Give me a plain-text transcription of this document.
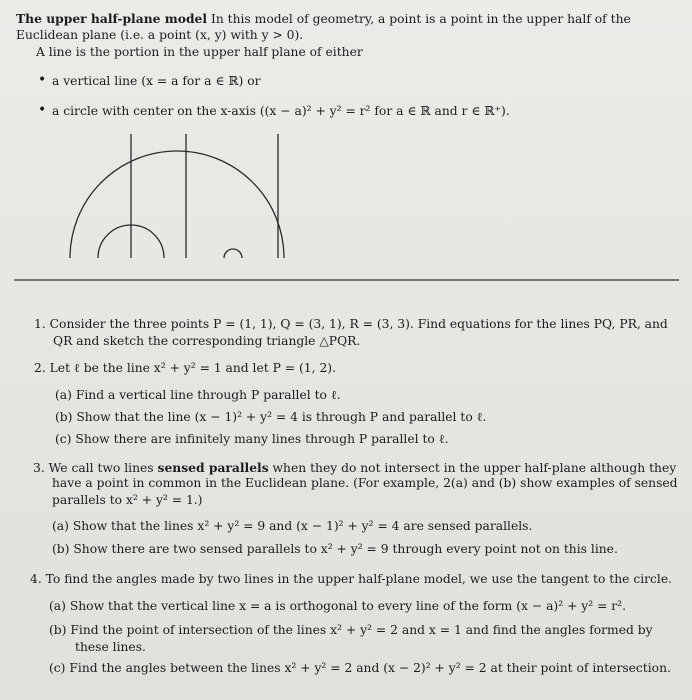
The upper half-plane model In this model of geometry, a point is a point in the upper half of the
Euclidean plane (i.e. a point (x, y) with y > 0).
A line is the portion in the upper half plane of either
• a vertical line (x = a for a ∈ ℝ) or
• a circle with center on the x-axis ((x − a)² + y² = r² for a ∈ ℝ and r ∈ ℝ⁺).
1. Consider the three points P = (1, 1), Q = (3, 1), R = (3, 3). Find equations for the lines PQ, PR, and
QR and sketch the corresponding triangle △PQR.
2. Let ℓ be the line x² + y² = 1 and let P = (1, 2).
(a) Find a vertical line through P parallel to ℓ.
(b) Show that the line (x − 1)² + y² = 4 is through P and parallel to ℓ.
(c) Show there are infinitely many lines through P parallel to ℓ.
3. We call two lines sensed parallels when they do not intersect in the upper half-plane although they
have a point in common in the Euclidean plane. (For example, 2(a) and (b) show examples of sensed
parallels to x² + y² = 1.)
(a) Show that the lines x² + y² = 9 and (x − 1)² + y² = 4 are sensed parallels.
(b) Show there are two sensed parallels to x² + y² = 9 through every point not on this line.
4. To find the angles made by two lines in the upper half-plane model, we use the tangent to the circle.
(a) Show that the vertical line x = a is orthogonal to every line of the form (x − a)² + y² = r².
(b) Find the point of intersection of the lines x² + y² = 2 and x = 1 and find the angles formed by
these lines.
(c) Find the angles between the lines x² + y² = 2 and (x − 2)² + y² = 2 at their point of intersection.
